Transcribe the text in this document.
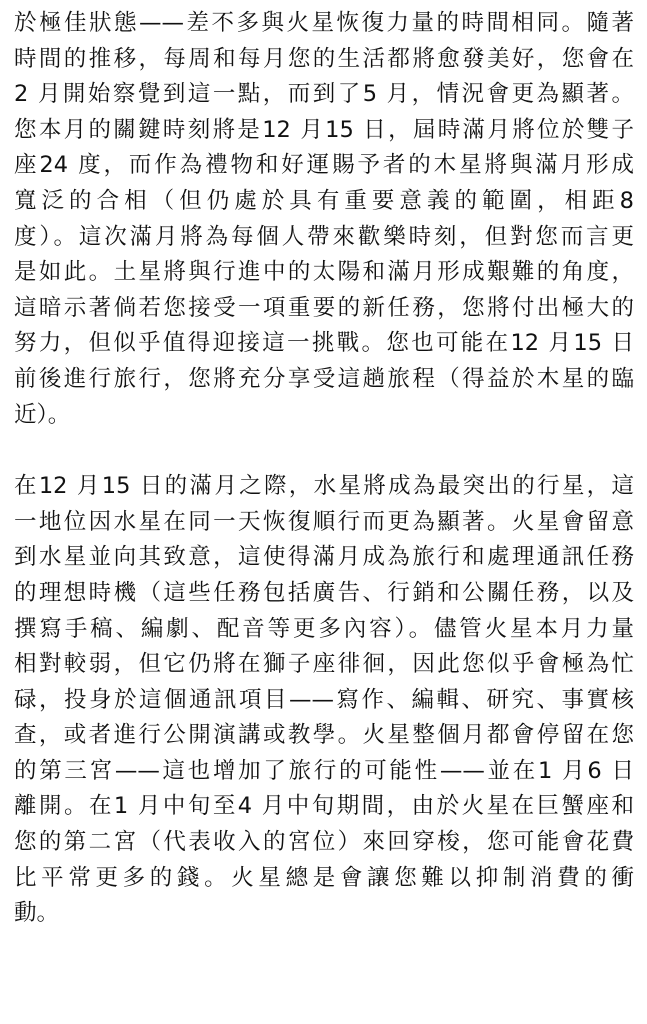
於極佳狀態——差不多與火星恢復力量的時間相同。隨著
時間的推移，每周和每月您的生活都將愈發美好，您會在
2 月開始察覺到這一點，而到了5 月，情況會更為顯著。
您本月的關鍵時刻將是12 月15 日，屆時滿月將位於雙子
座24 度，而作為禮物和好運賜予者的木星將與滿月形成
寬泛的合相（但仍處於具有重要意義的範圍，相距8
度）。這次滿月將為每個人帶來歡樂時刻，但對您而言更
是如此。土星將與行進中的太陽和滿月形成艱難的角度，
這暗示著倘若您接受一項重要的新任務，您將付出極大的
努力，但似乎值得迎接這一挑戰。您也可能在12 月15 日
前後進行旅行，您將充分享受這趟旅程（得益於木星的臨
近）。
在12 月15 日的滿月之際，水星將成為最突出的行星，這
一地位因水星在同一天恢復順行而更為顯著。火星會留意
到水星並向其致意，這使得滿月成為旅行和處理通訊任務
的理想時機（這些任務包括廣告、行銷和公關任務，以及
撰寫手稿、編劇、配音等更多內容）。儘管火星本月力量
相對較弱，但它仍將在獅子座徘徊，因此您似乎會極為忙
碌，投身於這個通訊項目——寫作、編輯、研究、事實核
查，或者進行公開演講或教學。火星整個月都會停留在您
的第三宮——這也增加了旅行的可能性——並在1 月6 日
離開。在1 月中旬至4 月中旬期間，由於火星在巨蟹座和
您的第二宮（代表收入的宮位）來回穿梭，您可能會花費
比平常更多的錢。火星總是會讓您難以抑制消費的衝
動。
